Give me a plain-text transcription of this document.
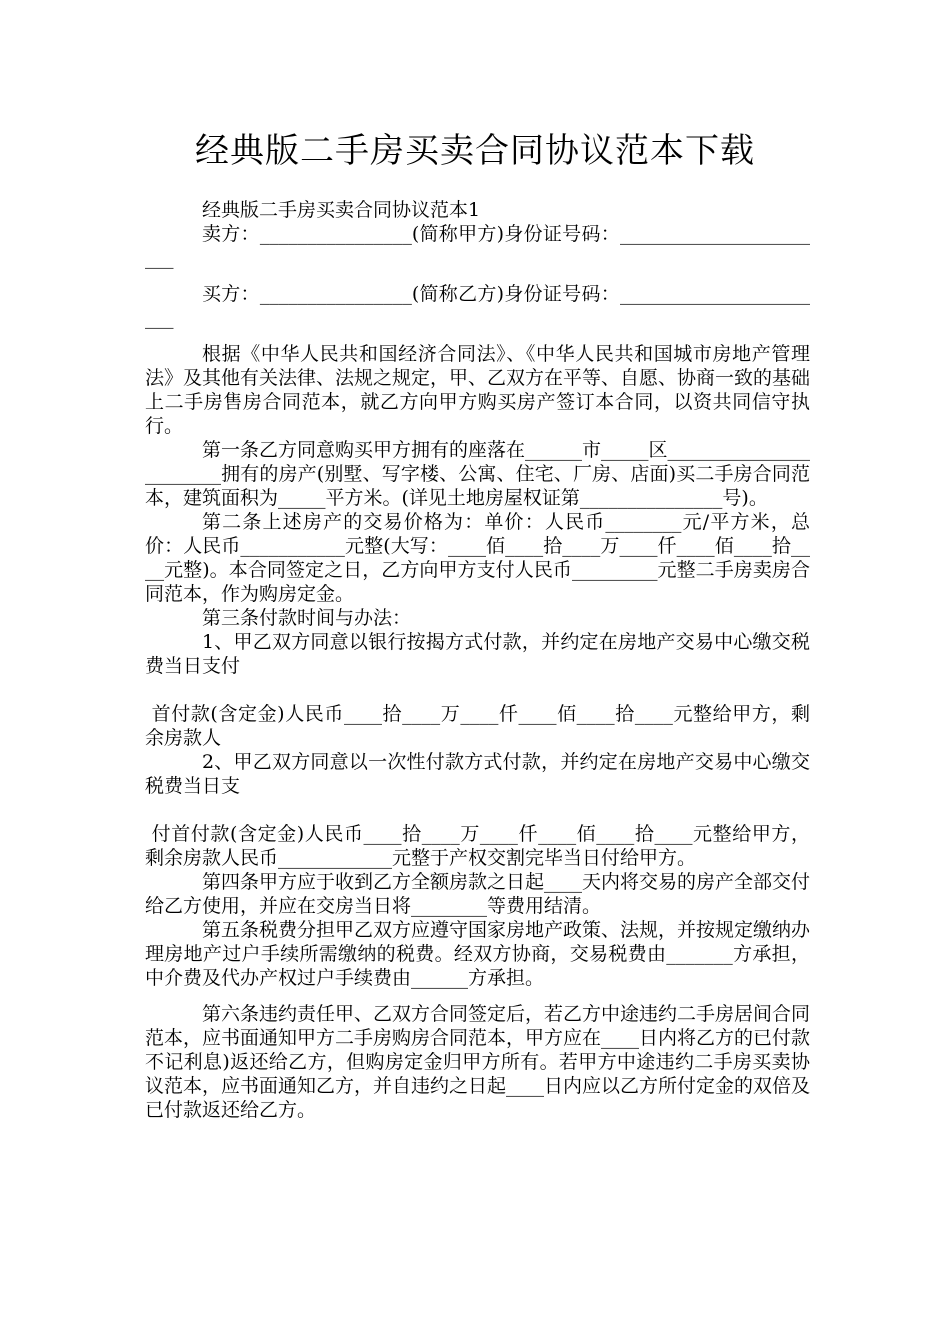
经典版二手房买卖合同协议范本下载

经典版二手房买卖合同协议范本1

卖方：________________(简称甲方)身份证号码：_______________________

买方：________________(简称乙方)身份证号码：_______________________

根据《中华人民共和国经济合同法》、《中华人民共和国城市房地产管理法》及其他有关法律、法规之规定，甲、乙双方在平等、自愿、协商一致的基础上二手房售房合同范本，就乙方向甲方购买房产签订本合同，以资共同信守执行。

第一条乙方同意购买甲方拥有的座落在______市_____区_______________________拥有的房产(别墅、写字楼、公寓、住宅、厂房、店面)买二手房合同范本，建筑面积为_____平方米。(详见土地房屋权证第_______________号)。

第二条上述房产的交易价格为：单价：人民币________元/平方米，总价：人民币___________元整(大写：____佰____拾____万____仟____佰____拾____元整)。本合同签定之日，乙方向甲方支付人民币_________元整二手房卖房合同范本，作为购房定金。

第三条付款时间与办法：

1、甲乙双方同意以银行按揭方式付款，并约定在房地产交易中心缴交税费当日支付

首付款(含定金)人民币____拾____万____仟____佰____拾____元整给甲方，剩余房款人

2、甲乙双方同意以一次性付款方式付款，并约定在房地产交易中心缴交税费当日支

付首付款(含定金)人民币____拾____万____仟____佰____拾____元整给甲方，剩余房款人民币____________元整于产权交割完毕当日付给甲方。

第四条甲方应于收到乙方全额房款之日起____天内将交易的房产全部交付给乙方使用，并应在交房当日将________等费用结清。

第五条税费分担甲乙双方应遵守国家房地产政策、法规，并按规定缴纳办理房地产过户手续所需缴纳的税费。经双方协商，交易税费由_______方承担，中介费及代办产权过户手续费由______方承担。

第六条违约责任甲、乙双方合同签定后，若乙方中途违约二手房居间合同范本，应书面通知甲方二手房购房合同范本，甲方应在____日内将乙方的已付款不记利息)返还给乙方，但购房定金归甲方所有。若甲方中途违约二手房买卖协议范本，应书面通知乙方，并自违约之日起____日内应以乙方所付定金的双倍及已付款返还给乙方。
